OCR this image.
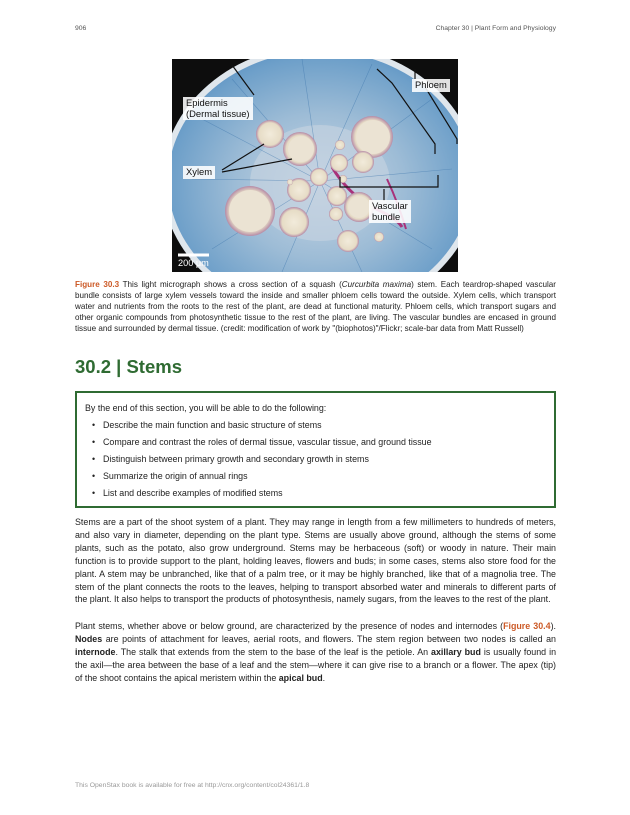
906	Chapter 30 | Plant Form and Physiology
Epidermis
(Dermal tissue)
Phloem
Xylem
Vascular
bundle
200 μm
Figure 30.3 This light micrograph shows a cross section of a squash (Curcurbita maxima) stem. Each teardrop-shaped vascular bundle consists of large xylem vessels toward the inside and smaller phloem cells toward the outside. Xylem cells, which transport water and nutrients from the roots to the rest of the plant, are dead at functional maturity. Phloem cells, which transport sugars and other organic compounds from photosynthetic tissue to the rest of the plant, are living. The vascular bundles are encased in ground tissue and surrounded by dermal tissue. (credit: modification of work by "(biophotos)"/Flickr; scale-bar data from Matt Russell)
30.2 | Stems
By the end of this section, you will be able to do the following:
• Describe the main function and basic structure of stems
• Compare and contrast the roles of dermal tissue, vascular tissue, and ground tissue
• Distinguish between primary growth and secondary growth in stems
• Summarize the origin of annual rings
• List and describe examples of modified stems

Stems are a part of the shoot system of a plant. They may range in length from a few millimeters to hundreds of meters, and also vary in diameter, depending on the plant type. Stems are usually above ground, although the stems of some plants, such as the potato, also grow underground. Stems may be herbaceous (soft) or woody in nature. Their main function is to provide support to the plant, holding leaves, flowers and buds; in some cases, stems also store food for the plant. A stem may be unbranched, like that of a palm tree, or it may be highly branched, like that of a magnolia tree. The stem of the plant connects the roots to the leaves, helping to transport absorbed water and minerals to different parts of the plant. It also helps to transport the products of photosynthesis, namely sugars, from the leaves to the rest of the plant.

Plant stems, whether above or below ground, are characterized by the presence of nodes and internodes (Figure 30.4). Nodes are points of attachment for leaves, aerial roots, and flowers. The stem region between two nodes is called an internode. The stalk that extends from the stem to the base of the leaf is the petiole. An axillary bud is usually found in the axil—the area between the base of a leaf and the stem—where it can give rise to a branch or a flower. The apex (tip) of the shoot contains the apical meristem within the apical bud.

This OpenStax book is available for free at http://cnx.org/content/col24361/1.8
